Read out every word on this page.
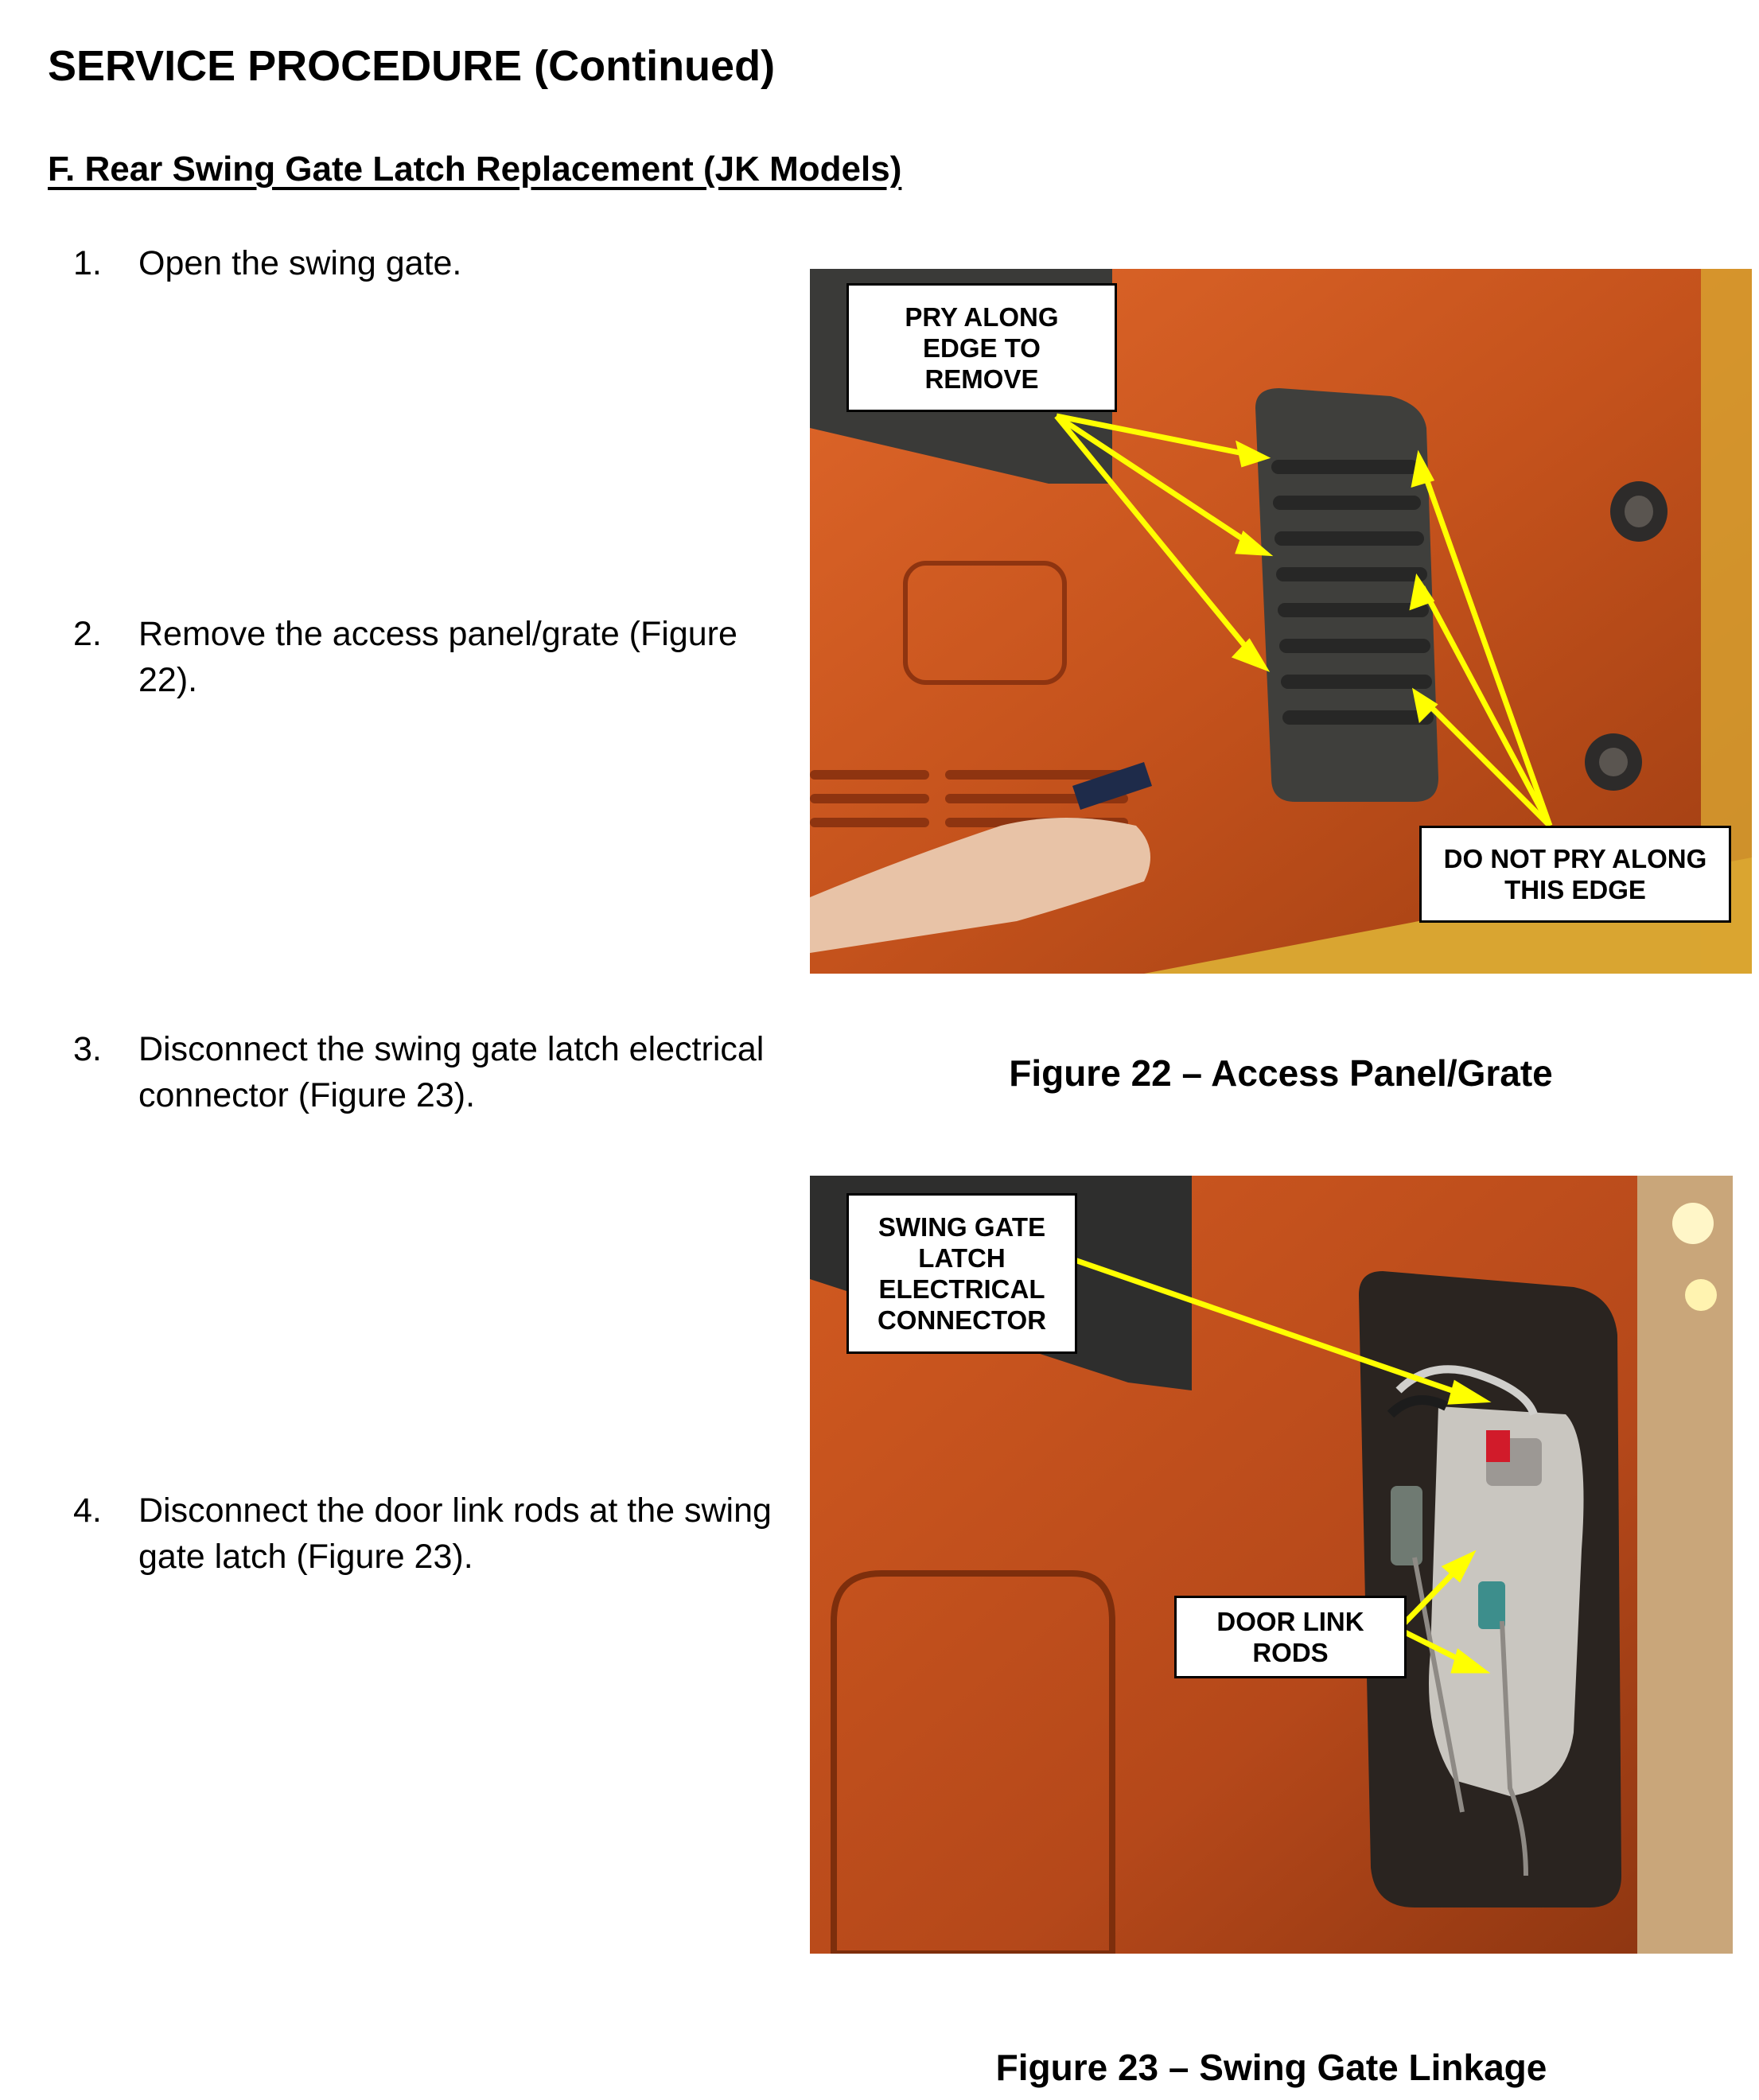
SERVICE PROCEDURE (Continued)
F. Rear Swing Gate Latch Replacement (JK Models)
1.	Open the swing gate.
2.	Remove the access panel/grate (Figure 22).
3.	Disconnect the swing gate latch electrical connector (Figure 23).
4.	Disconnect the door link rods at the swing gate latch (Figure 23).
PRY ALONG
EDGE TO
REMOVE
DO NOT PRY ALONG
THIS EDGE
Figure 22 – Access Panel/Grate
SWING GATE
LATCH
ELECTRICAL
CONNECTOR
DOOR LINK
RODS
Figure 23 – Swing Gate Linkage
